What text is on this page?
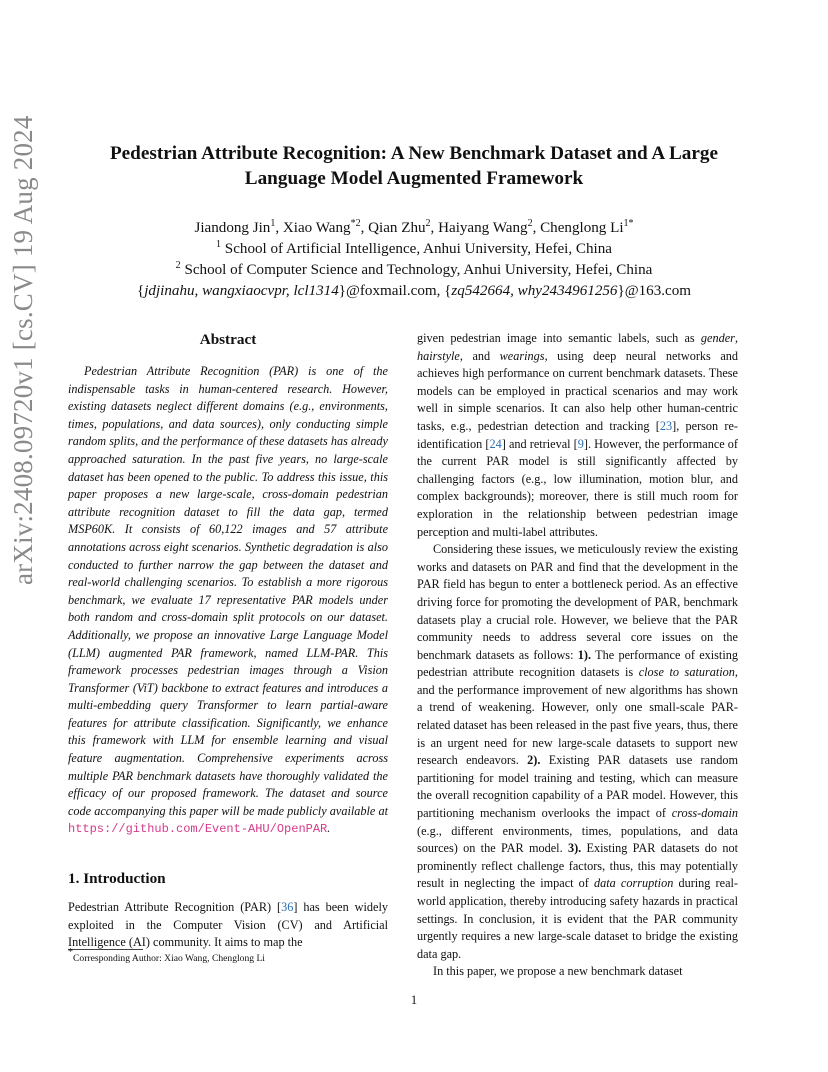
arXiv:2408.09720v1 [cs.CV] 19 Aug 2024	Pedestrian Attribute Recognition: A New Benchmark Dataset and A Large
Language Model Augmented Framework
Jiandong Jin$^1$, Xiao Wang$^{*2}$, Qian Zhu$^2$, Haiyang Wang$^2$, Chenglong $Li^{1*}$
$^1$ School of Artificial Intelligence, Anhui University, Hefei, China
$^2$ School of Computer Science and Technology, Anhui University, Hefei, China
{jdjinahu, wangxiaocvpr, lcl1314}@foxmail.com, {zq542664, why2434961256}@163.com
Abstract

Pedestrian Attribute Recognition (PAR) is one of the indispensable tasks in human-centered research. However, existing datasets neglect different domains (e.g., environments, times, populations, and data sources), only conducting simple random splits, and the performance of these datasets has already approached saturation. In the past five years, no large-scale dataset has been opened to the public. To address this issue, this paper proposes a new large-scale, cross-domain pedestrian attribute recognition dataset to fill the data gap, termed MSP60K. It consists of 60,122 images and 57 attribute annotations across eight scenarios. Synthetic degradation is also conducted to further narrow the gap between the dataset and real-world challenging scenarios. To establish a more rigorous benchmark, we evaluate 17 representative PAR models under both random and cross-domain split protocols on our dataset. Additionally, we propose an innovative Large Language Model (LLM) augmented PAR framework, named LLM-PAR. This framework processes pedestrian images through a Vision Transformer (ViT) backbone to extract features and introduces a multi-embedding query Transformer to learn partial-aware features for attribute classification. Significantly, we enhance this framework with LLM for ensemble learning and visual feature augmentation. Comprehensive experiments across multiple PAR benchmark datasets have thoroughly validated the efficacy of our proposed framework. The dataset and source code accompanying this paper will be made publicly available at https://github.com/Event-AHU/OpenPAR.

1. Introduction

Pedestrian Attribute Recognition (PAR) [36] has been widely exploited in the Computer Vision (CV) and Artificial Intelligence (AI) community. It aims to map the

given pedestrian image into semantic labels, such as gender, hairstyle, and wearings, using deep neural networks and achieves high performance on current benchmark datasets. These models can be employed in practical scenarios and may work well in simple scenarios. It can also help other human-centric tasks, e.g., pedestrian detection and tracking [23], person re-identification [24] and retrieval [9]. However, the performance of the current PAR model is still significantly affected by challenging factors (e.g., low illumination, motion blur, and complex backgrounds); moreover, there is still much room for exploration in the relationship between pedestrian image perception and multi-label attributes.

Considering these issues, we meticulously review the existing works and datasets on PAR and find that the development in the PAR field has begun to enter a bottleneck period. As an effective driving force for promoting the development of PAR, benchmark datasets play a crucial role. However, we believe that the PAR community needs to address several core issues on the benchmark datasets as follows: 1). The performance of existing pedestrian attribute recognition datasets is close to saturation, and the performance improvement of new algorithms has shown a trend of weakening. However, only one small-scale PAR-related dataset has been released in the past five years, thus, there is an urgent need for new large-scale datasets to support new research endeavors. 2). Existing PAR datasets use random partitioning for model training and testing, which can measure the overall recognition capability of a PAR model. However, this partitioning mechanism overlooks the impact of cross-domain (e.g., different environments, times, populations, and data sources) on the PAR model. 3). Existing PAR datasets do not prominently reflect challenge factors, thus, this may potentially result in neglecting the impact of data corruption during real-world application, thereby introducing safety hazards in practical settings. In conclusion, it is evident that the PAR community urgently requires a new large-scale dataset to bridge the existing data gap.

In this paper, we propose a new benchmark dataset

*Corresponding Author: Xiao Wang, Chenglong Li
1
